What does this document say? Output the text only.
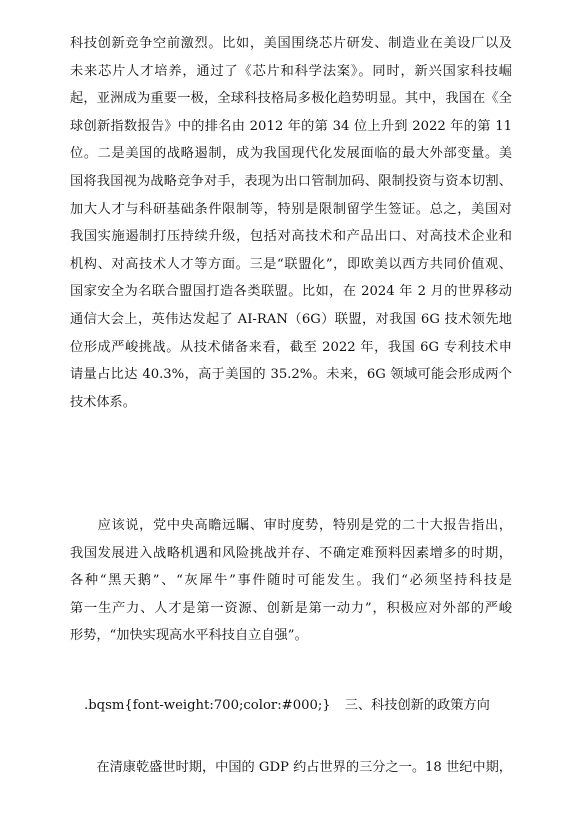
科技创新竞争空前激烈。比如，美国围绕芯片研发、制造业在美设厂以及
未来芯片人才培养，通过了《芯片和科学法案》。同时，新兴国家科技崛
起，亚洲成为重要一极，全球科技格局多极化趋势明显。其中，我国在《全
球创新指数报告》中的排名由 2012 年的第 34 位上升到 2022 年的第 11
位。二是美国的战略遏制，成为我国现代化发展面临的最大外部变量。美
国将我国视为战略竞争对手，表现为出口管制加码、限制投资与资本切割、
加大人才与科研基础条件限制等，特别是限制留学生签证。总之，美国对
我国实施遏制打压持续升级，包括对高技术和产品出口、对高技术企业和
机构、对高技术人才等方面。三是“联盟化”，即欧美以西方共同价值观、
国家安全为名联合盟国打造各类联盟。比如，在 2024 年 2 月的世界移动
通信大会上，英伟达发起了 AI-RAN（6G）联盟，对我国 6G 技术领先地
位形成严峻挑战。从技术储备来看，截至 2022 年，我国 6G 专利技术申
请量占比达 40.3%，高于美国的 35.2%。未来，6G 领域可能会形成两个
技术体系。

　　应该说，党中央高瞻远瞩、审时度势，特别是党的二十大报告指出，
我国发展进入战略机遇和风险挑战并存、不确定难预料因素增多的时期，
各种“黑天鹅”、“灰犀牛”事件随时可能发生。我们“必须坚持科技是
第一生产力、人才是第一资源、创新是第一动力”，积极应对外部的严峻
形势，“加快实现高水平科技自立自强”。

.bqsm{font-weight:700;color:#000;} 三、科技创新的政策方向

　　在清康乾盛世时期，中国的 GDP 约占世界的三分之一。18 世纪中期，
